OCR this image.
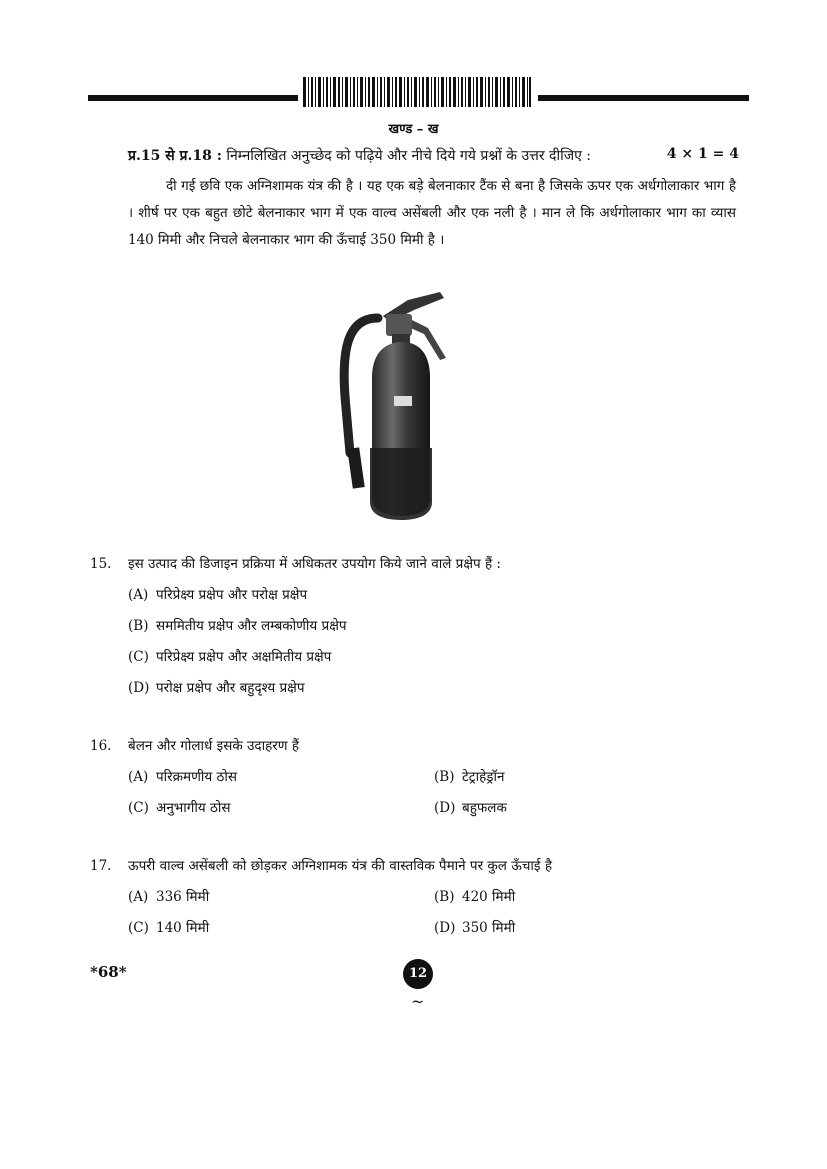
खण्ड – ख
प्र.15 से प्र.18 : निम्नलिखित अनुच्छेद को पढ़िये और नीचे दिये गये प्रश्नों के उत्तर दीजिए :	4 × 1 = 4
दी गई छवि एक अग्निशामक यंत्र की है । यह एक बड़े बेलनाकार टैंक से बना है जिसके ऊपर एक अर्धगोलाकार भाग है । शीर्ष पर एक बहुत छोटे बेलनाकार भाग में एक वाल्व असेंबली और एक नली है । मान ले कि अर्धगोलाकार भाग का व्यास 140 मिमी और निचले बेलनाकार भाग की ऊँचाई 350 मिमी है ।
15. इस उत्पाद की डिजाइन प्रक्रिया में अधिकतर उपयोग किये जाने वाले प्रक्षेप हैं :
(A) परिप्रेक्ष्य प्रक्षेप और परोक्ष प्रक्षेप
(B) सममितीय प्रक्षेप और लम्बकोणीय प्रक्षेप
(C) परिप्रेक्ष्य प्रक्षेप और अक्षमितीय प्रक्षेप
(D) परोक्ष प्रक्षेप और बहुदृश्य प्रक्षेप
16. बेलन और गोलार्ध इसके उदाहरण हैं
(A) परिक्रमणीय ठोस	(B) टेट्राहेड्रॉन
(C) अनुभागीय ठोस	(D) बहुफलक
17. ऊपरी वाल्व असेंबली को छोड़कर अग्निशामक यंत्र की वास्तविक पैमाने पर कुल ऊँचाई है
(A) 336 मिमी	(B) 420 मिमी
(C) 140 मिमी	(D) 350 मिमी
*68*	12
~
